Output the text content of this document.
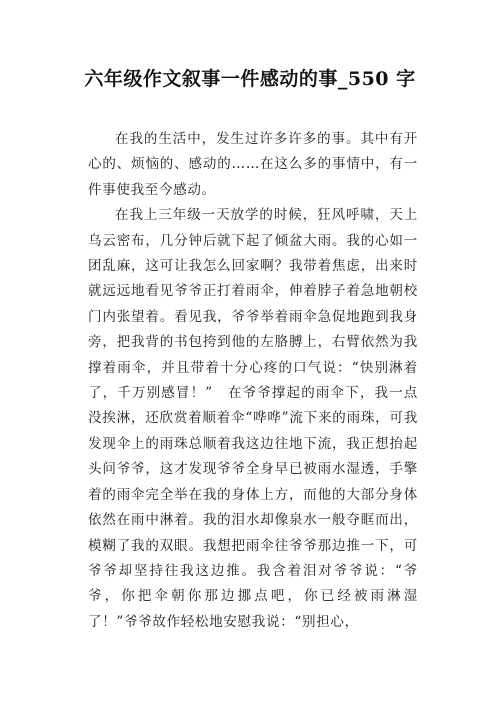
六年级作文叙事一件感动的事_550 字

在我的生活中，发生过许多许多的事。其中有开心的、烦恼的、感动的……在这么多的事情中，有一件事使我至今感动。

在我上三年级一天放学的时候，狂风呼啸，天上乌云密布，几分钟后就下起了倾盆大雨。我的心如一团乱麻，这可让我怎么回家啊？我带着焦虑，出来时就远远地看见爷爷正打着雨伞，伸着脖子着急地朝校门内张望着。看见我，爷爷举着雨伞急促地跑到我身旁，把我背的书包挎到他的左胳膊上，右臂依然为我撑着雨伞，并且带着十分心疼的口气说：“快别淋着了，千万别感冒！”　在爷爷撑起的雨伞下，我一点没挨淋，还欣赏着顺着伞“哗哗”流下来的雨珠，可我发现伞上的雨珠总顺着我这边往地下流，我正想抬起头问爷爷，这才发现爷爷全身早已被雨水湿透，手擎着的雨伞完全举在我的身体上方，而他的大部分身体依然在雨中淋着。我的泪水却像泉水一般夺眶而出，模糊了我的双眼。我想把雨伞往爷爷那边推一下，可爷爷却坚持往我这边推。我含着泪对爷爷说：“爷爷，你把伞朝你那边挪点吧，你已经被雨淋湿了！”爷爷故作轻松地安慰我说：“别担心，
